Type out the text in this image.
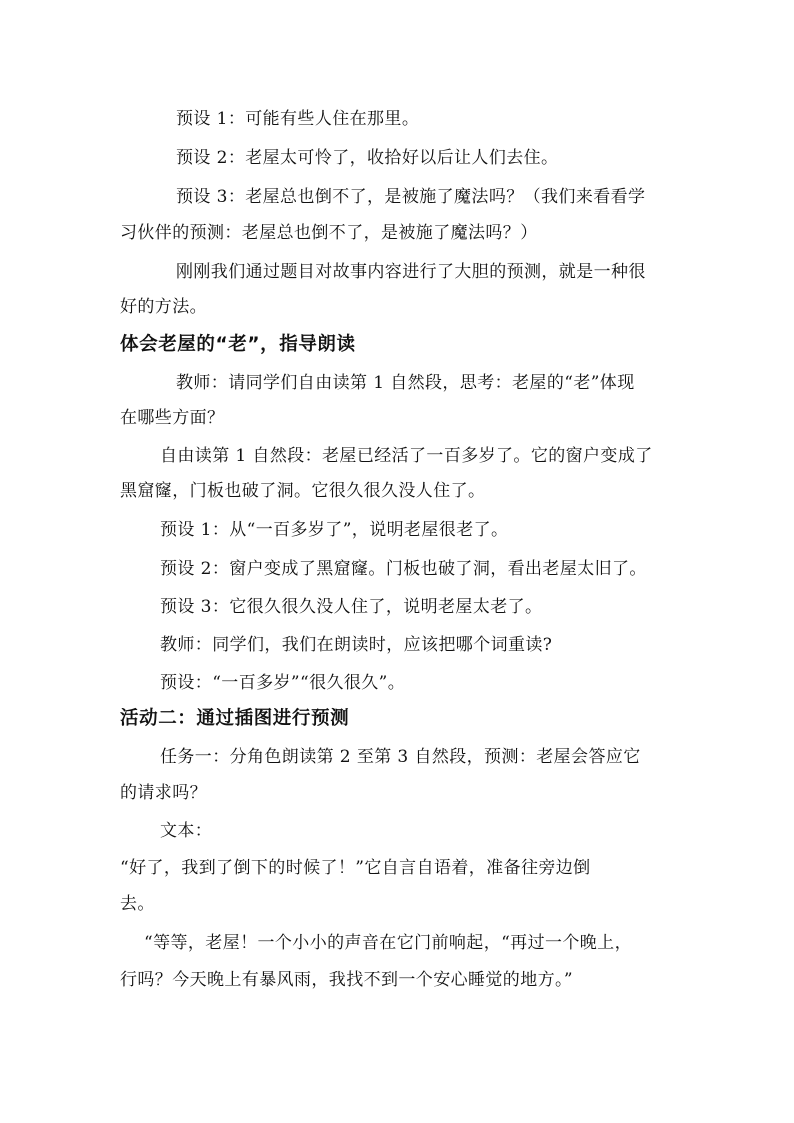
预设 1：可能有些人住在那里。
预设 2：老屋太可怜了，收拾好以后让人们去住。
预设 3：老屋总也倒不了，是被施了魔法吗？（我们来看看学
习伙伴的预测：老屋总也倒不了，是被施了魔法吗？）
刚刚我们通过题目对故事内容进行了大胆的预测，就是一种很
好的方法。
体会老屋的“老”，指导朗读
教师：请同学们自由读第 1 自然段，思考：老屋的“老”体现
在哪些方面？
自由读第 1 自然段：老屋已经活了一百多岁了。它的窗户变成了
黑窟窿，门板也破了洞。它很久很久没人住了。
预设 1：从“一百多岁了”，说明老屋很老了。
预设 2：窗户变成了黑窟窿。门板也破了洞，看出老屋太旧了。
预设 3：它很久很久没人住了，说明老屋太老了。
教师：同学们，我们在朗读时，应该把哪个词重读?
预设：“一百多岁”“很久很久”。
活动二：通过插图进行预测
任务一：分角色朗读第 2 至第 3 自然段，预测：老屋会答应它
的请求吗？
文本：
“好了，我到了倒下的时候了！”它自言自语着，准备往旁边倒
去。
“等等，老屋！一个小小的声音在它门前响起，“再过一个晚上，
行吗？今天晚上有暴风雨，我找不到一个安心睡觉的地方。”
